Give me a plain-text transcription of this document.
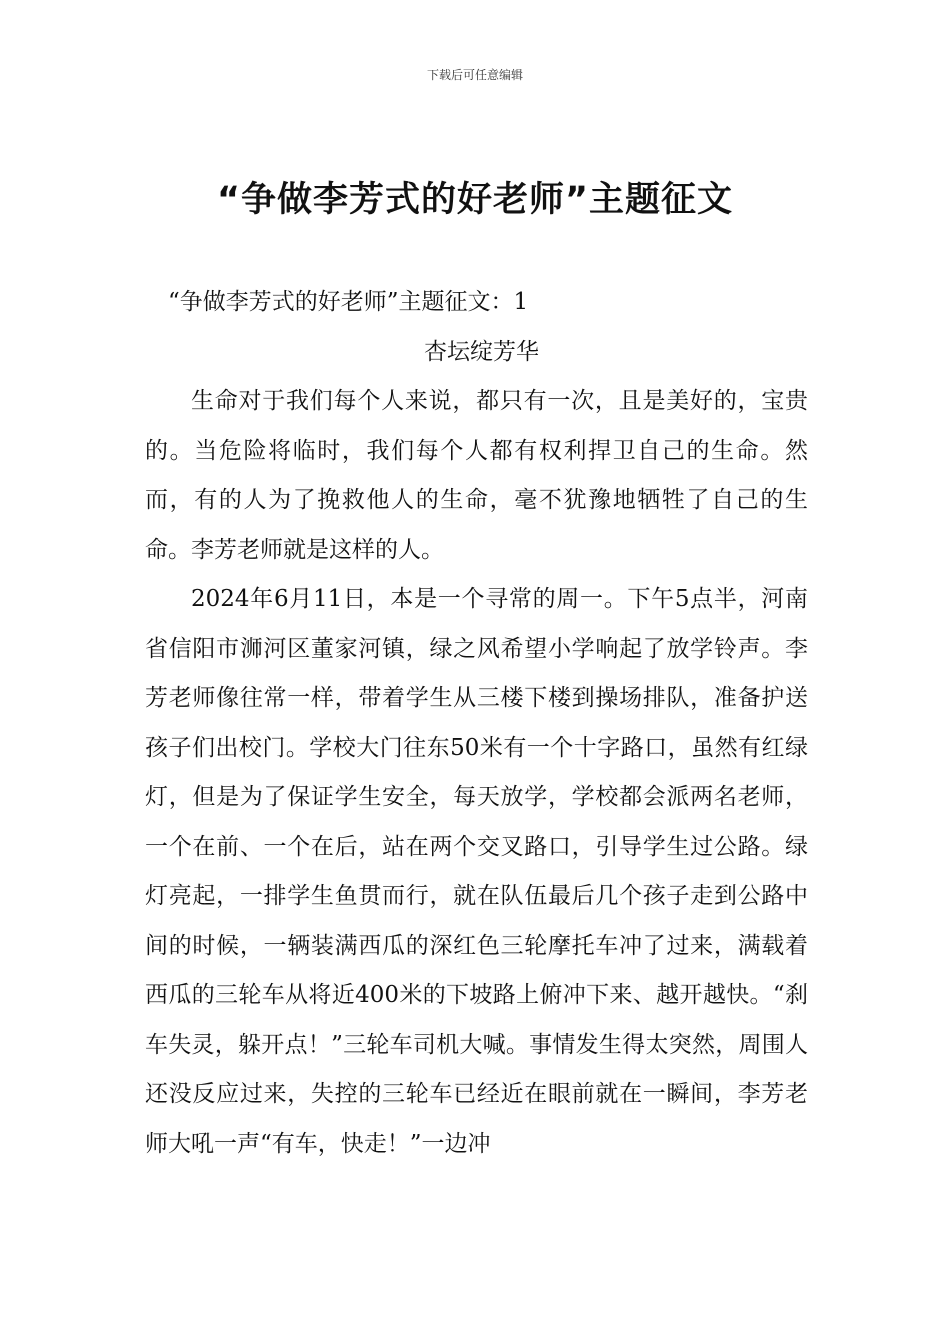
下载后可任意编辑
“争做李芳式的好老师”主题征文

“争做李芳式的好老师”主题征文：1

杏坛绽芳华

生命对于我们每个人来说，都只有一次，且是美好的，宝贵的。当危险将临时，我们每个人都有权利捍卫自己的生命。然而，有的人为了挽救他人的生命，毫不犹豫地牺牲了自己的生命。李芳老师就是这样的人。

2024年6月11日，本是一个寻常的周一。下午5点半，河南省信阳市浉河区董家河镇，绿之风希望小学响起了放学铃声。李芳老师像往常一样，带着学生从三楼下楼到操场排队，准备护送孩子们出校门。学校大门往东50米有一个十字路口，虽然有红绿灯，但是为了保证学生安全，每天放学，学校都会派两名老师，一个在前、一个在后，站在两个交叉路口，引导学生过公路。绿灯亮起，一排学生鱼贯而行，就在队伍最后几个孩子走到公路中间的时候，一辆装满西瓜的深红色三轮摩托车冲了过来，满载着西瓜的三轮车从将近400米的下坡路上俯冲下来、越开越快。“刹车失灵，躲开点！”三轮车司机大喊。事情发生得太突然，周围人还没反应过来，失控的三轮车已经近在眼前就在一瞬间，李芳老师大吼一声“有车，快走！”一边冲
